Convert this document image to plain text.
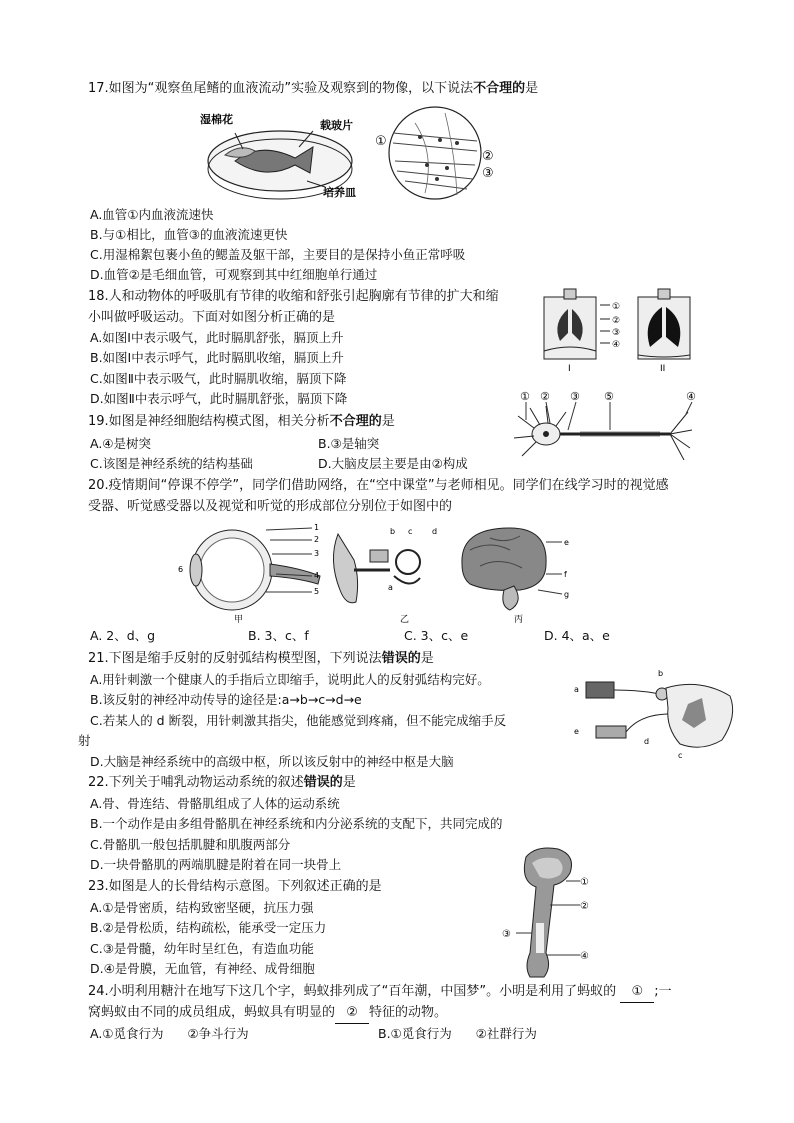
17.如图为“观察鱼尾鳍的血液流动”实验及观察到的物像，以下说法不合理的是
湿棉花	载玻片
培养皿
①
②
③
A.血管①内血液流速快
B.与①相比，血管③的血液流速更快
C.用湿棉絮包裹小鱼的鳃盖及躯干部，主要目的是保持小鱼正常呼吸
D.血管②是毛细血管，可观察到其中红细胞单行通过
18.人和动物体的呼吸肌有节律的收缩和舒张引起胸廓有节律的扩大和缩
小叫做呼吸运动。下面对如图分析正确的是
①
②
③
④
I	II
A.如图Ⅰ中表示吸气，此时膈肌舒张，膈顶上升
B.如图Ⅰ中表示呼气，此时膈肌收缩，膈顶上升
C.如图Ⅱ中表示吸气，此时膈肌收缩，膈顶下降
D.如图Ⅱ中表示呼气，此时膈肌舒张，膈顶下降
19.如图是神经细胞结构模式图，相关分析不合理的是
① ② ③ ⑤	④
A.④是树突	B.③是轴突
C.该图是神经系统的结构基础	D.大脑皮层主要是由②构成
20.疫情期间“停课不停学”，同学们借助网络，在“空中课堂”与老师相见。同学们在线学习时的视觉感
受器、听觉感受器以及视觉和听觉的形成部位分别位于如图中的
1
2
3
4
5
6
甲
a
b c d
乙
e
f
g
丙
A. 2、d、g	B. 3、c、f	C. 3、c、e	D. 4、a、e
21.下图是缩手反射的反射弧结构模型图，下列说法错误的是
a
b
c
d
e
A.用针刺激一个健康人的手指后立即缩手，说明此人的反射弧结构完好。
B.该反射的神经冲动传导的途径是:a→b→c→d→e
C.若某人的 d 断裂，用针刺激其指尖，他能感觉到疼痛，但不能完成缩手反
射
D.大脑是神经系统中的高级中枢，所以该反射中的神经中枢是大脑
22.下列关于哺乳动物运动系统的叙述错误的是
A.骨、骨连结、骨骼肌组成了人体的运动系统
B.一个动作是由多组骨骼肌在神经系统和内分泌系统的支配下，共同完成的
C.骨骼肌一般包括肌腱和肌腹两部分
D.一块骨骼肌的两端肌腱是附着在同一块骨上
23.如图是人的长骨结构示意图。下列叙述正确的是	①
②
③
④
A.①是骨密质，结构致密坚硬，抗压力强
B.②是骨松质，结构疏松，能承受一定压力
C.③是骨髓，幼年时呈红色，有造血功能
D.④是骨膜，无血管，有神经、成骨细胞
24.小明利用糖汁在地写下这几个字，蚂蚁排列成了“百年潮，中国梦”。小明是利用了蚂蚁的 ① ;一
窝蚂蚁由不同的成员组成，蚂蚁具有明显的 ② 特征的动物。
A.①觅食行为 ②争斗行为	B.①觅食行为 ②社群行为
